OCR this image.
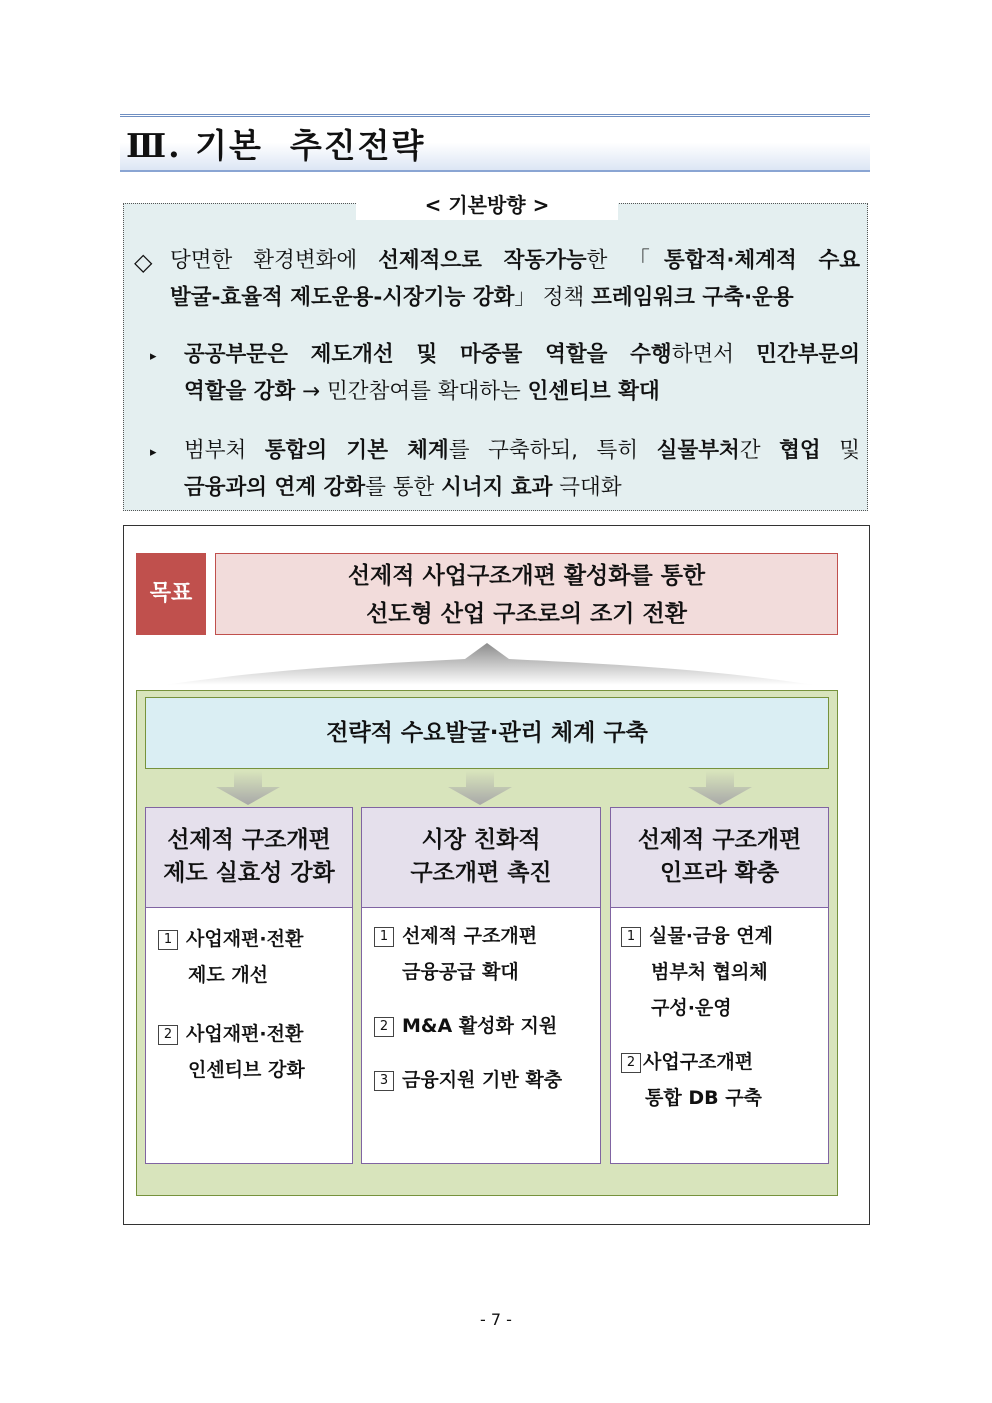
Ⅲ. 기본  추진전략
< 기본방향 >
◇ 당면한 환경변화에 선제적으로 작동가능한 「통합적·체계적 수요
발굴-효율적 제도운용-시장기능 강화」 정책 프레임워크 구축·운용
▸ 공공부문은 제도개선 및 마중물 역할을 수행하면서 민간부문의
역할을 강화 → 민간참여를 확대하는 인센티브 확대
▸ 범부처 통합의 기본 체계를 구축하되, 특히 실물부처간 협업 및
금융과의 연계 강화를 통한 시너지 효과 극대화
목표
선제적 사업구조개편 활성화를 통한
선도형 산업 구조로의 조기 전환
전략적 수요발굴·관리 체계 구축
선제적 구조개편
제도 실효성 강화
1 사업재편·전환
제도 개선
2 사업재편·전환
인센티브 강화
시장 친화적
구조개편 촉진
1 선제적 구조개편
금융공급 확대
2 M&A 활성화 지원
3 금융지원 기반 확충
선제적 구조개편
인프라 확충
1 실물·금융 연계
범부처 협의체
구성·운영
2 사업구조개편
통합 DB 구축
- 7 -
